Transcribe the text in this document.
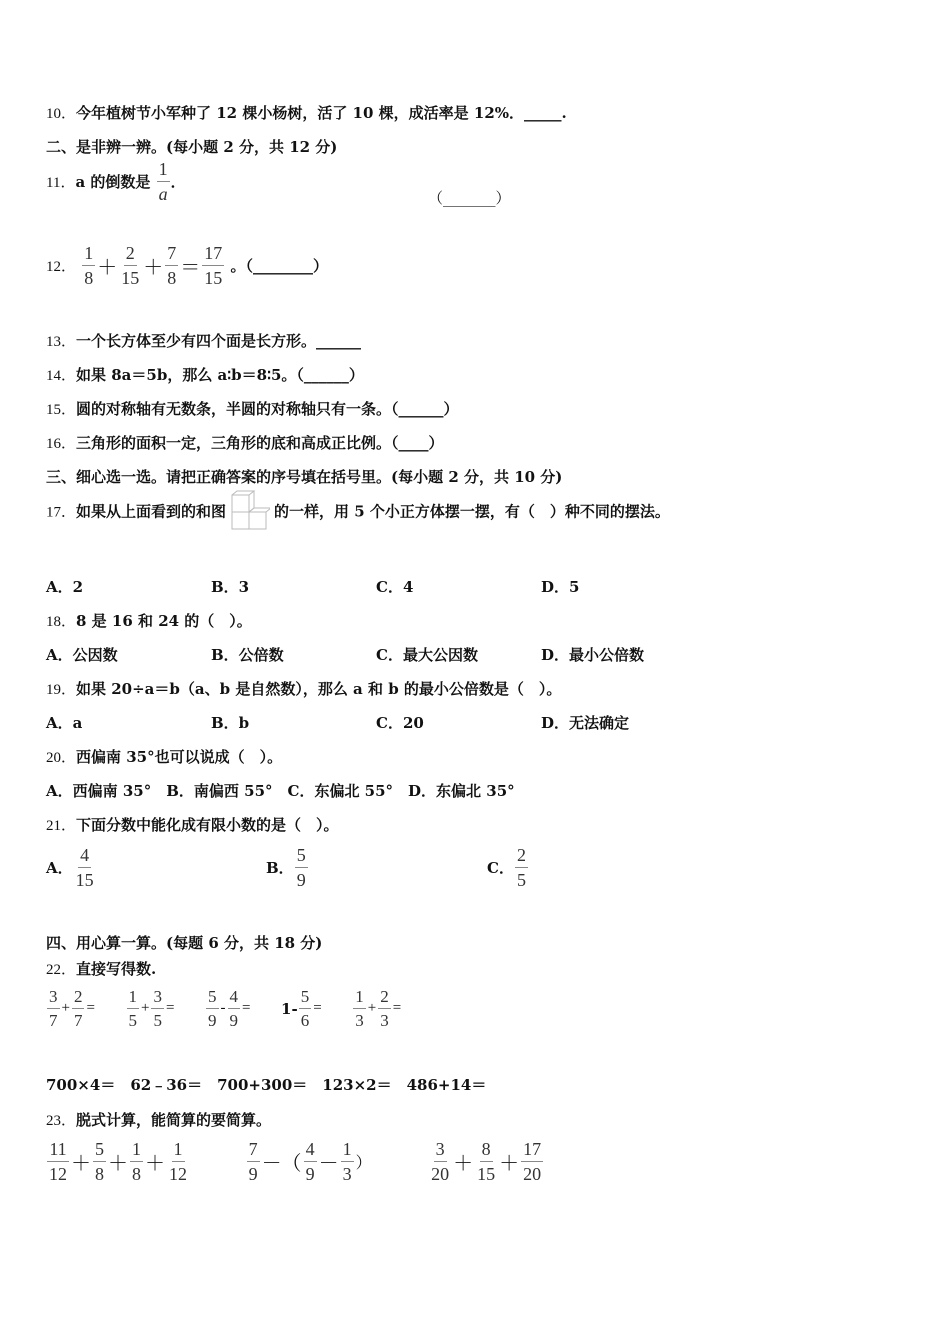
10．今年植树节小军种了 12 棵小杨树，活了 10 棵，成活率是 12%．_____.
二、是非辨一辨。(每小题 2 分，共 12 分)
11．a 的倒数是 $\frac{1}{a}$ ．
（_______）
12． $\frac{1}{8} + \frac{2}{15} + \frac{7}{8} = \frac{17}{15}$ 。（________）
13．一个长方体至少有四个面是长方形。______
14．如果 8a＝5b，那么 a∶b＝8∶5。（______）
15．圆的对称轴有无数条，半圆的对称轴只有一条。（______）
16．三角形的面积一定，三角形的底和高成正比例。（____）
三、细心选一选。请把正确答案的序号填在括号里。(每小题 2 分，共 10 分)
17．如果从上面看到的和图	的一样，用 5 个小正方体摆一摆，有（　）种不同的摆法。
A．2	B．3	C．4	D．5
18．8 是 16 和 24 的（　）。
A．公因数	B．公倍数	C．最大公因数	D．最小公倍数
19．如果 20÷a＝b（a、b 是自然数），那么 a 和 b 的最小公倍数是（　）。
A．a	B．b	C．20	D．无法确定
20．西偏南 35°也可以说成（　）。
A．西偏南 35°　B．南偏西 55°　C．东偏北 55°　D．东偏北 35°
21．下面分数中能化成有限小数的是（　）。
A． $\frac{4}{15}$	B． $\frac{5}{9}$	C． $\frac{2}{5}$
四、用心算一算。(每题 6 分，共 18 分)
22．直接写得数.
$\frac{3}{7} + \frac{2}{7} = \frac{1}{5} + \frac{3}{5} = \frac{5}{9} - \frac{4}{9} = 1- \frac{5}{6} = \frac{1}{3} + \frac{2}{3}$ =
700×4＝　62﹣36＝　700+300＝　123×2＝　486+14＝
23．脱式计算，能简算的要简算。
$\frac{11}{12} + \frac{5}{8} + \frac{1}{8} + \frac{1}{12}$
	$\frac{7}{9}$ －（ $\frac{4}{9} - \frac{1}{3}$ ）	$\frac{3}{20} + \frac{8}{15} + \frac{17}{20}$
